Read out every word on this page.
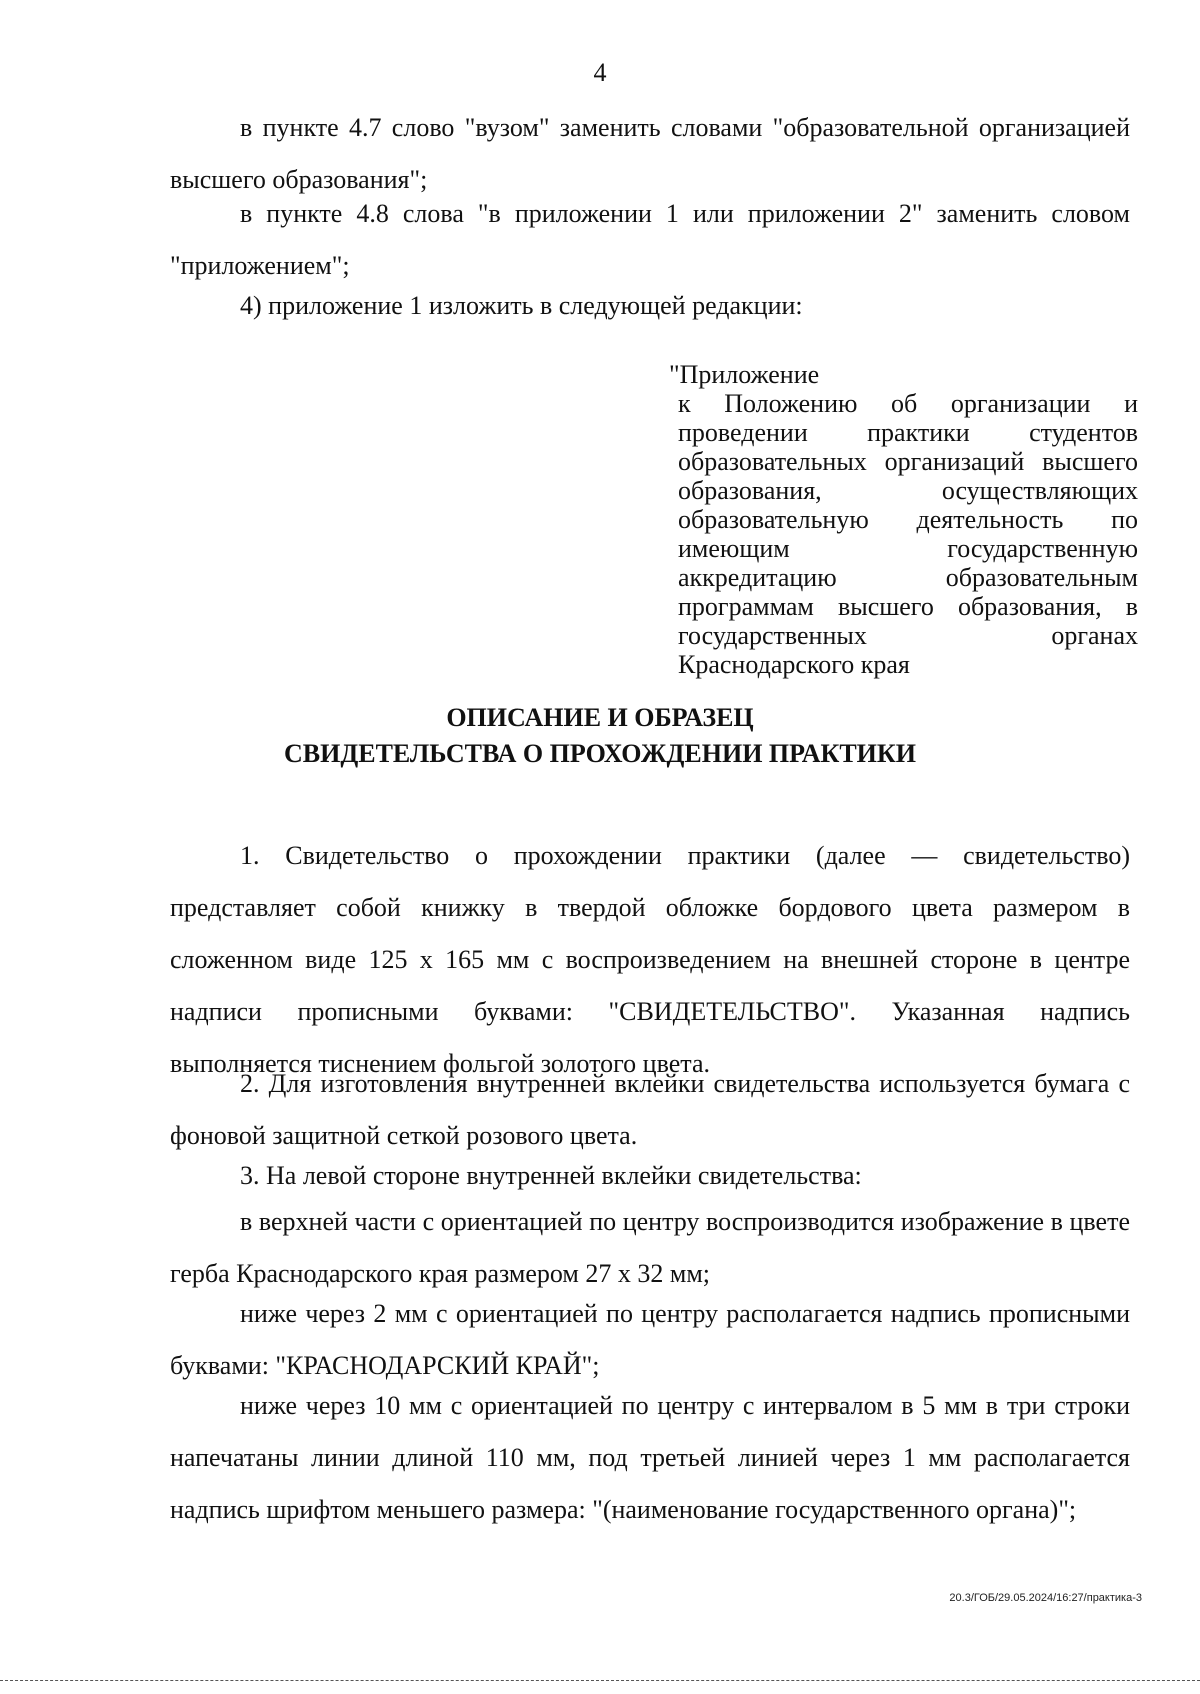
4

в пункте 4.7 слово "вузом" заменить словами "образовательной организацией высшего образования";

в пункте 4.8 слова "в приложении 1 или приложении 2" заменить словом "приложением";

4) приложение 1 изложить в следующей редакции:

"Приложение
к Положению об организации и проведении практики студентов образовательных организаций высшего образования, осуществляющих образовательную деятельность по имеющим государственную аккредитацию образовательным программам высшего образования, в государственных органах Краснодарского края
ОПИСАНИЕ И ОБРАЗЕЦ
СВИДЕТЕЛЬСТВА О ПРОХОЖДЕНИИ ПРАКТИКИ

1. Свидетельство о прохождении практики (далее — свидетельство) представляет собой книжку в твердой обложке бордового цвета размером в сложенном виде 125 х 165 мм с воспроизведением на внешней стороне в центре надписи прописными буквами: "СВИДЕТЕЛЬСТВО". Указанная надпись выполняется тиснением фольгой золотого цвета.

2. Для изготовления внутренней вклейки свидетельства используется бумага с фоновой защитной сеткой розового цвета.

3. На левой стороне внутренней вклейки свидетельства:

в верхней части с ориентацией по центру воспроизводится изображение в цвете герба Краснодарского края размером 27 х 32 мм;

ниже через 2 мм с ориентацией по центру располагается надпись прописными буквами: "КРАСНОДАРСКИЙ КРАЙ";

ниже через 10 мм с ориентацией по центру с интервалом в 5 мм в три строки напечатаны линии длиной 110 мм, под третьей линией через 1 мм располагается надпись шрифтом меньшего размера: "(наименование государственного органа)";

20.3/ГОБ/29.05.2024/16:27/практика-3
